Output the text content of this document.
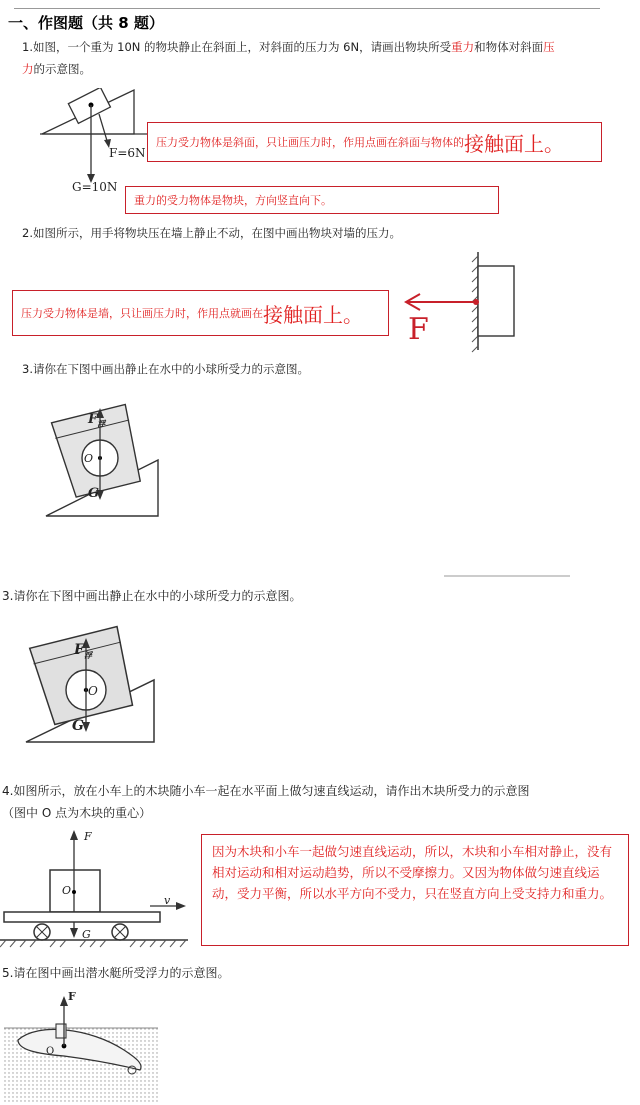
一、作图题（共 8 题）
1.如图，一个重为 10N 的物块静止在斜面上，对斜面的压力为 6N，请画出物块所受重力和物体对斜面压
力的示意图。
F=6N
G=10N
压力受力物体是斜面，只让画压力时，作用点画在斜面与物体的 接触面上。
重力的受力物体是物块，方向竖直向下。
2.如图所示，用手将物块压在墙上静止不动，在图中画出物块对墙的压力。
压力受力物体是墙，只让画压力时，作用点就画在 接触面上。 F
3.请你在下图中画出静止在水中的小球所受力的示意图。
$F_浮$
O
G
3.请你在下图中画出静止在水中的小球所受力的示意图。
$F_浮$
O
G
4.如图所示，放在小车上的木块随小车一起在水平面上做匀速直线运动，请作出木块所受力的示意图
（图中 O 点为木块的重心）
F
O
v
G
因为木块和小车一起做匀速直线运动，所以，木块和小车相对静止，没有相对运动和相对运动趋势，所以不受摩擦力。又因为物体做匀速直线运动，受力平衡，所以水平方向不受力，只在竖直方向上受支持力和重力。
5.请在图中画出潜水艇所受浮力的示意图。
F
O
